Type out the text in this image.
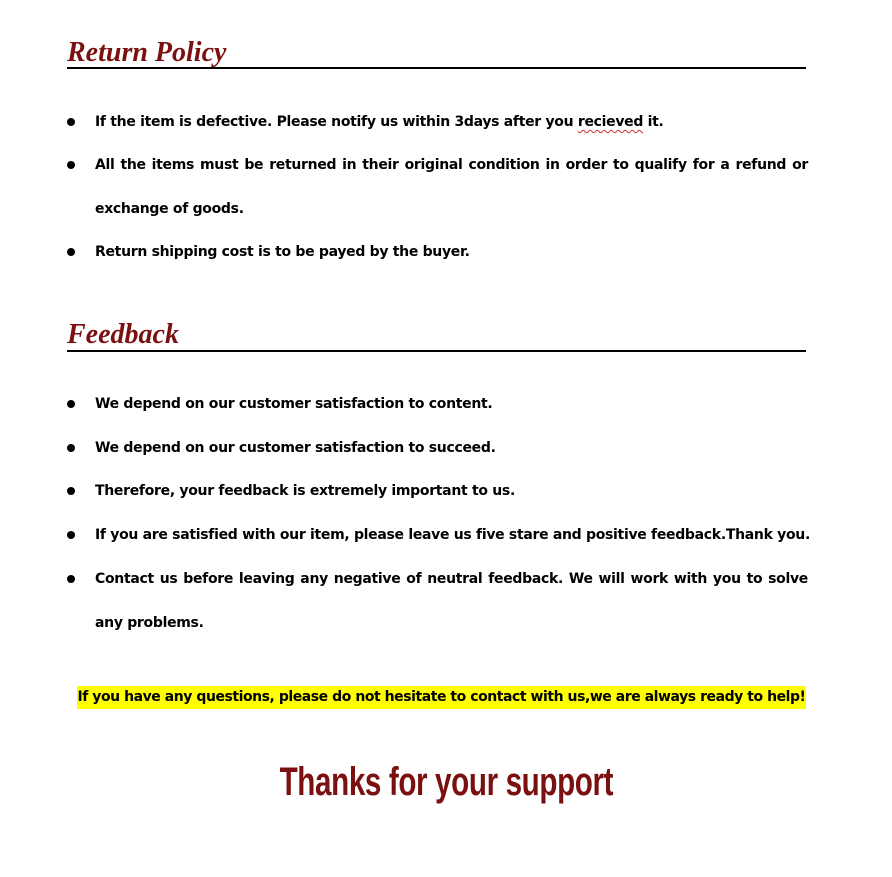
Return Policy
If the item is defective. Please notify us within 3days after you recieved it.
All the items must be returned in their original condition in order to qualify for a refund or exchange of goods.
Return shipping cost is to be payed by the buyer.
Feedback
We depend on our customer satisfaction to content.
We depend on our customer satisfaction to succeed.
Therefore, your feedback is extremely important to us.
If you are satisfied with our item, please leave us five stare and positive feedback.Thank you.
Contact us before leaving any negative of neutral feedback. We will work with you to solve any problems.
If you have any questions, please do not hesitate to contact with us,we are always ready to help!
Thanks for your support
